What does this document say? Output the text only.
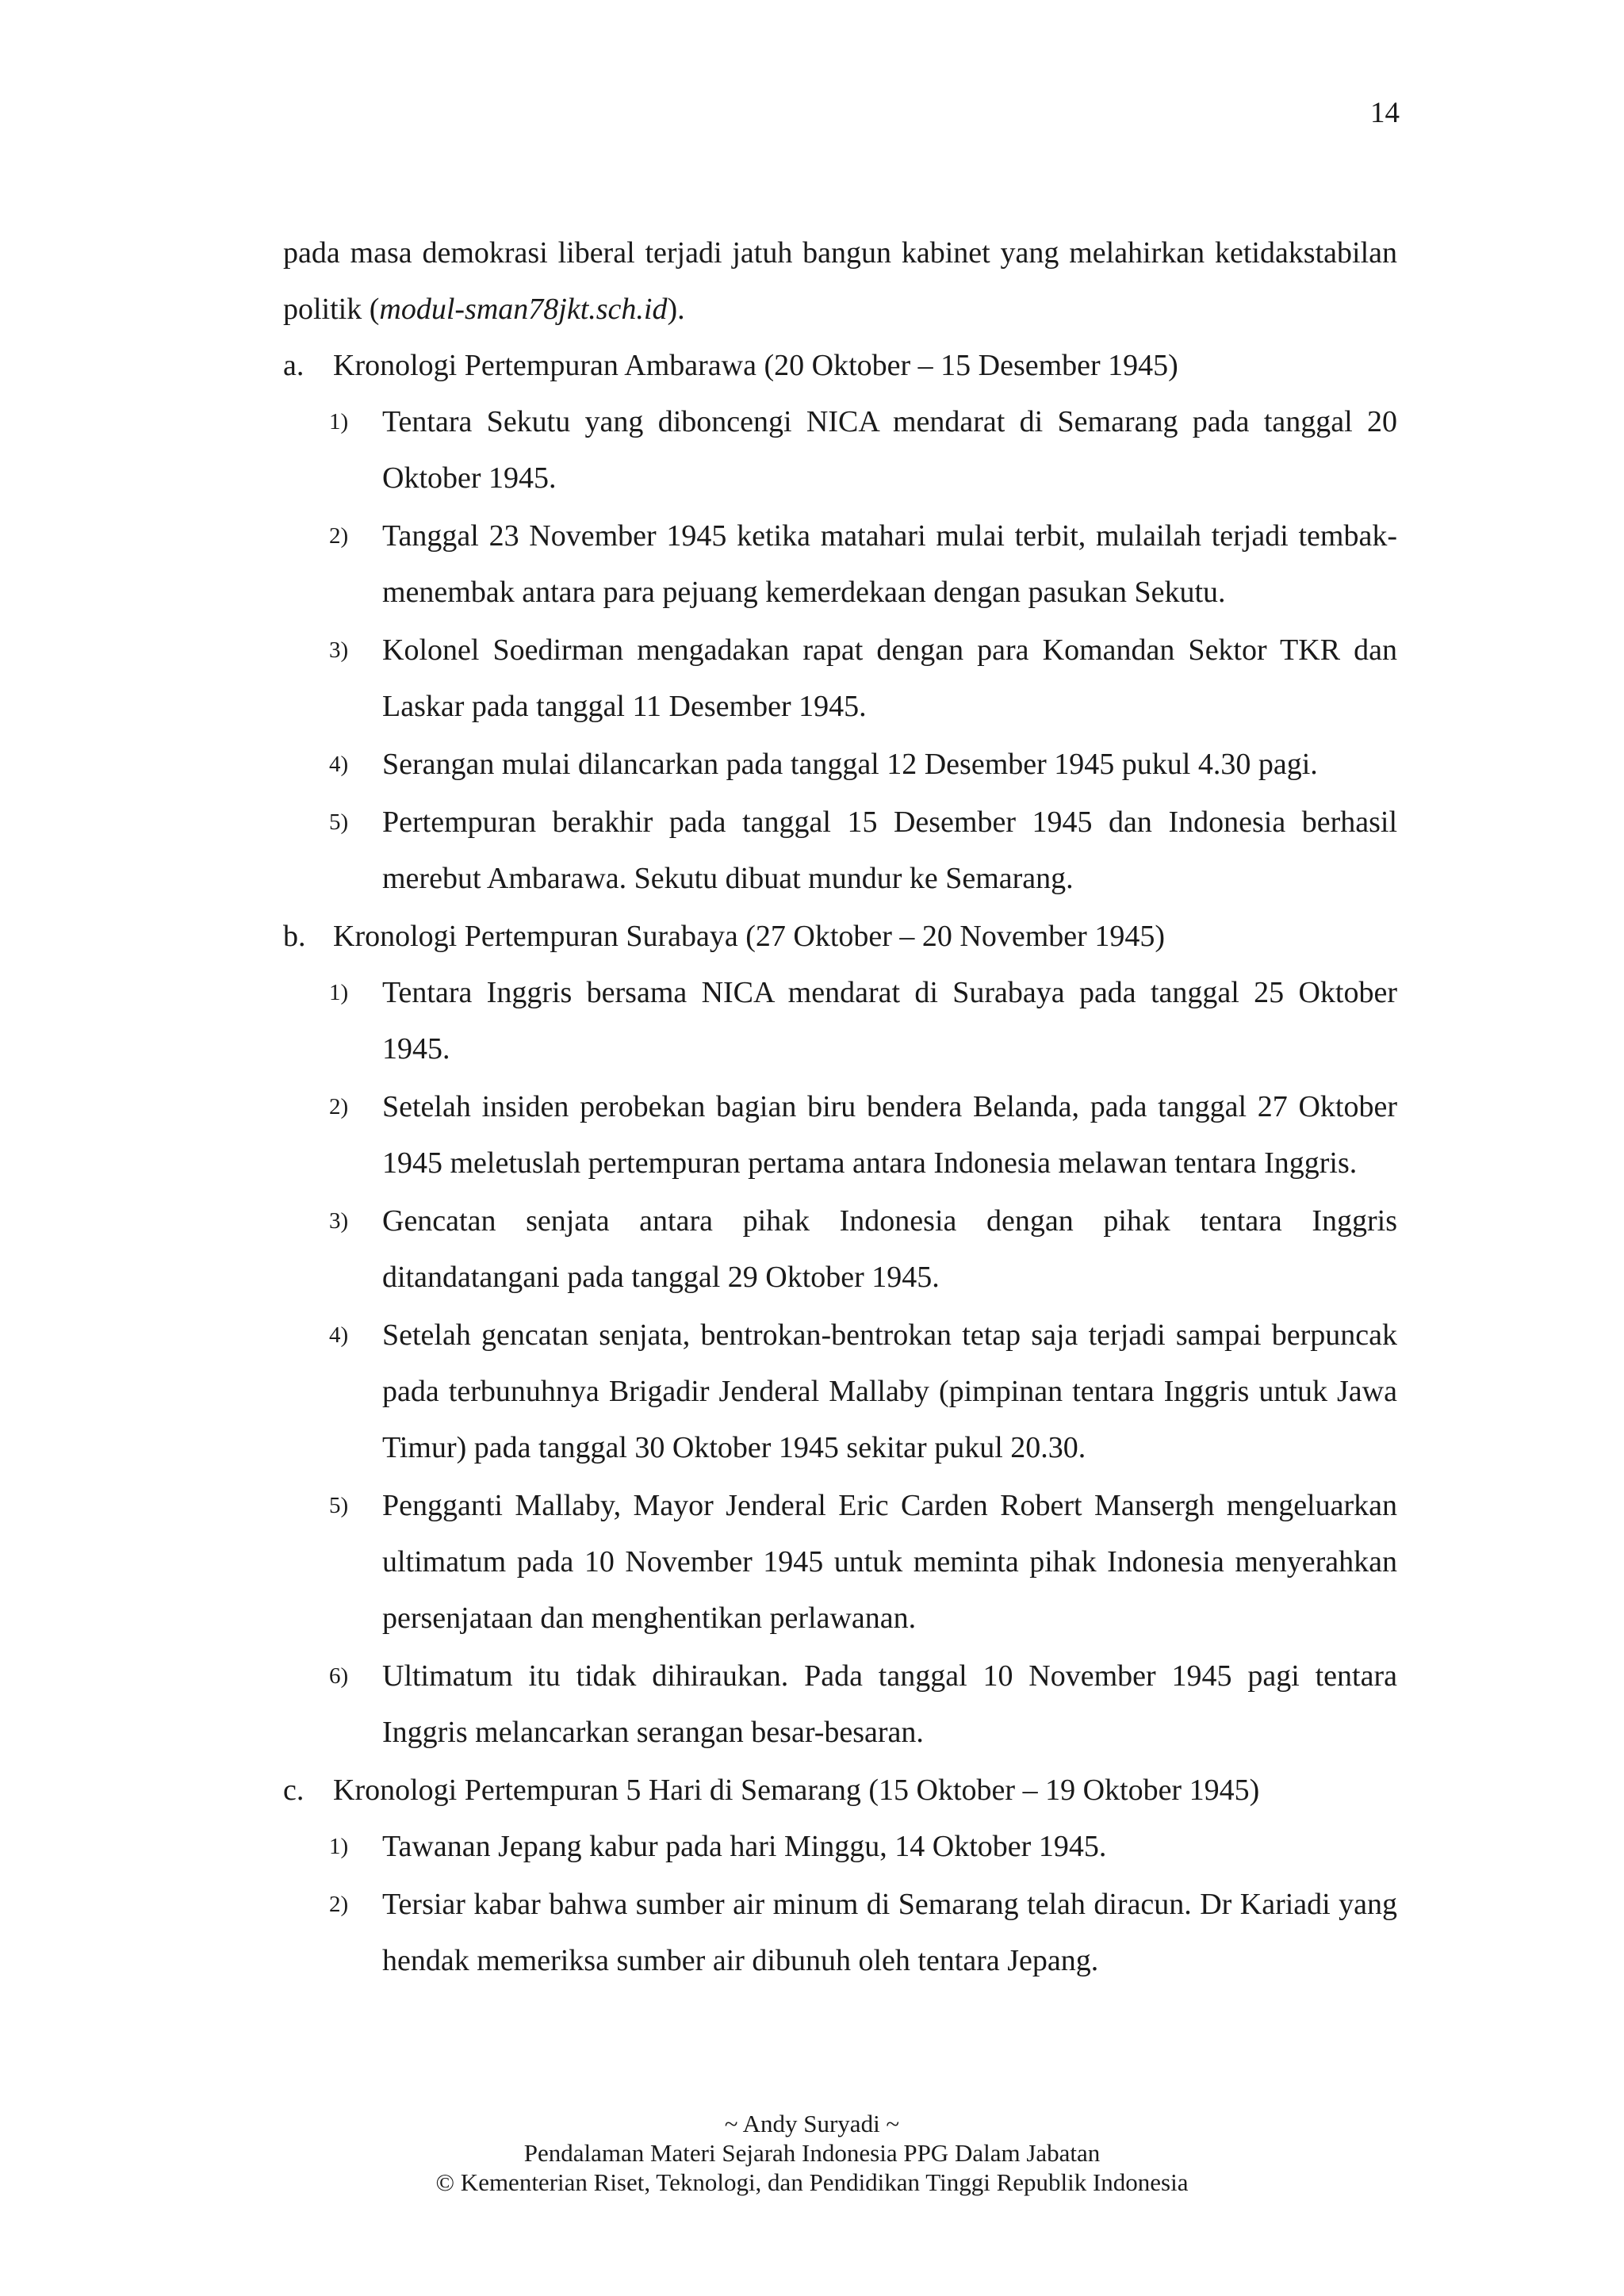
14

pada masa demokrasi liberal terjadi jatuh bangun kabinet yang melahirkan ketidakstabilan politik (modul-sman78jkt.sch.id).

a. Kronologi Pertempuran Ambarawa (20 Oktober – 15 Desember 1945)

1) Tentara Sekutu yang diboncengi NICA mendarat di Semarang pada tanggal 20 Oktober 1945.

2) Tanggal 23 November 1945 ketika matahari mulai terbit, mulailah terjadi tembak-menembak antara para pejuang kemerdekaan dengan pasukan Sekutu.

3) Kolonel Soedirman mengadakan rapat dengan para Komandan Sektor TKR dan Laskar pada tanggal 11 Desember 1945.

4) Serangan mulai dilancarkan pada tanggal 12 Desember 1945 pukul 4.30 pagi.

5) Pertempuran berakhir pada tanggal 15 Desember 1945 dan Indonesia berhasil merebut Ambarawa. Sekutu dibuat mundur ke Semarang.

b. Kronologi Pertempuran Surabaya (27 Oktober – 20 November 1945)

1) Tentara Inggris bersama NICA mendarat di Surabaya pada tanggal 25 Oktober 1945.

2) Setelah insiden perobekan bagian biru bendera Belanda, pada tanggal 27 Oktober 1945 meletuslah pertempuran pertama antara Indonesia melawan tentara Inggris.

3) Gencatan senjata antara pihak Indonesia dengan pihak tentara Inggris ditandatangani pada tanggal 29 Oktober 1945.

4) Setelah gencatan senjata, bentrokan-bentrokan tetap saja terjadi sampai berpuncak pada terbunuhnya Brigadir Jenderal Mallaby (pimpinan tentara Inggris untuk Jawa Timur) pada tanggal 30 Oktober 1945 sekitar pukul 20.30.

5) Pengganti Mallaby, Mayor Jenderal Eric Carden Robert Mansergh mengeluarkan ultimatum pada 10 November 1945 untuk meminta pihak Indonesia menyerahkan persenjataan dan menghentikan perlawanan.

6) Ultimatum itu tidak dihiraukan. Pada tanggal 10 November 1945 pagi tentara Inggris melancarkan serangan besar-besaran.

c. Kronologi Pertempuran 5 Hari di Semarang (15 Oktober – 19 Oktober 1945)

1) Tawanan Jepang kabur pada hari Minggu, 14 Oktober 1945.

2) Tersiar kabar bahwa sumber air minum di Semarang telah diracun. Dr Kariadi yang hendak memeriksa sumber air dibunuh oleh tentara Jepang.

~ Andy Suryadi ~
Pendalaman Materi Sejarah Indonesia PPG Dalam Jabatan
© Kementerian Riset, Teknologi, dan Pendidikan Tinggi Republik Indonesia
